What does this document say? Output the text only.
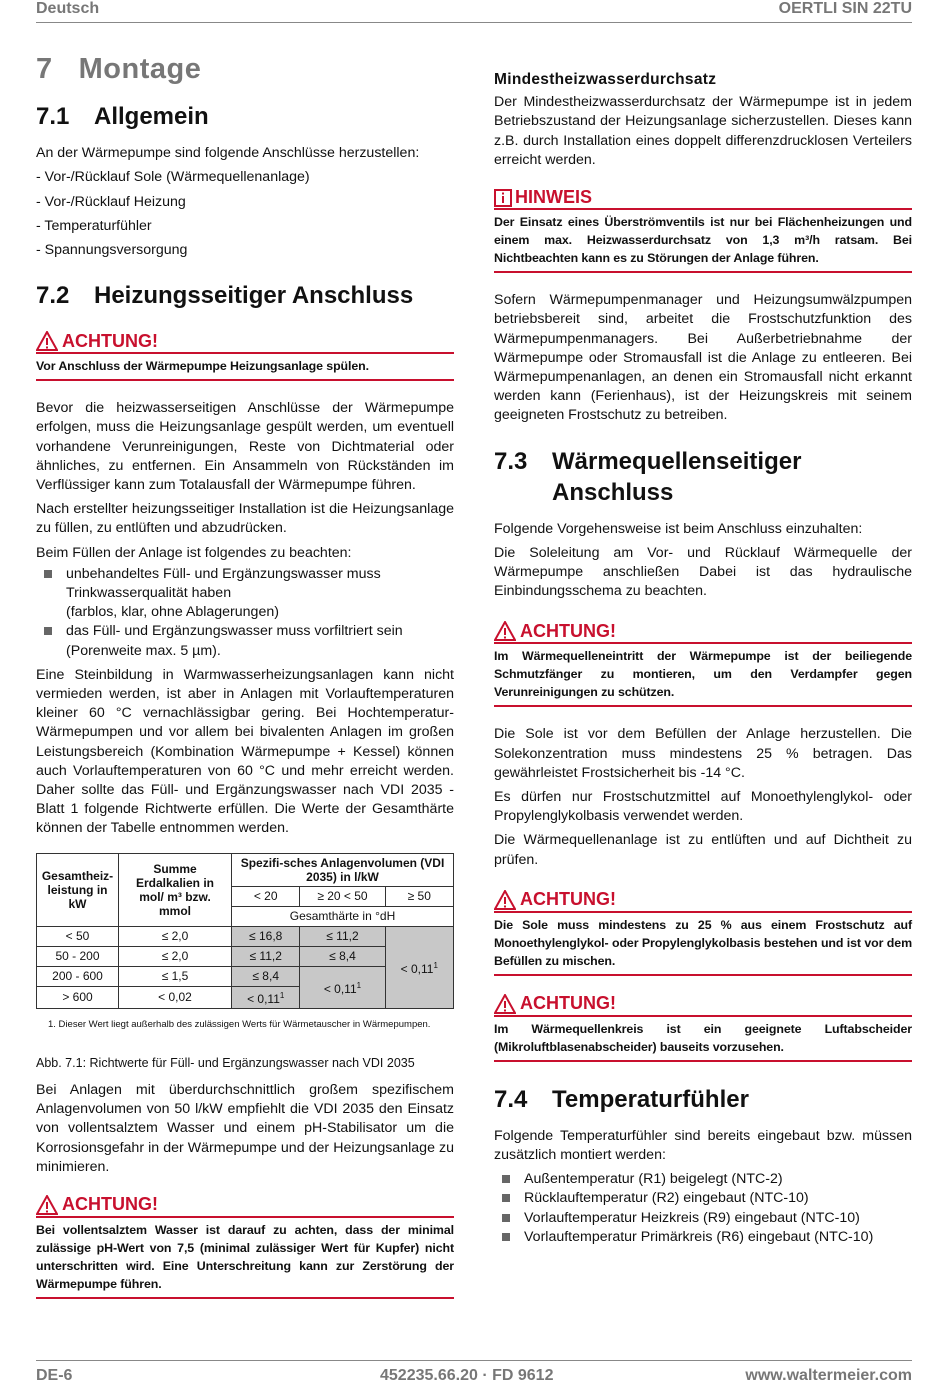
Deutsch	OERTLI SIN 22TU
7 Montage
7.1 Allgemein

An der Wärmepumpe sind folgende Anschlüsse herzustellen:

- Vor-/Rücklauf Sole (Wärmequellenanlage)

- Vor-/Rücklauf Heizung

- Temperaturfühler

- Spannungsversorgung

7.2 Heizungsseitiger Anschluss
ACHTUNG!
Vor Anschluss der Wärmepumpe Heizungsanlage spülen.

Bevor die heizwasserseitigen Anschlüsse der Wärmepumpe erfolgen, muss die Heizungsanlage gespült werden, um eventuell vorhandene Verunreinigungen, Reste von Dichtmaterial oder ähnliches, zu entfernen. Ein Ansammeln von Rückständen im Verflüssiger kann zum Totalausfall der Wärmepumpe führen.

Nach erstellter heizungsseitiger Installation ist die Heizungsanlage zu füllen, zu entlüften und abzudrücken.

Beim Füllen der Anlage ist folgendes zu beachten:

unbehandeltes Füll- und Ergänzungswasser muss Trinkwasserqualität haben
(farblos, klar, ohne Ablagerungen)
das Füll- und Ergänzungswasser muss vorfiltriert sein (Porenweite max. 5 µm).

Eine Steinbildung in Warmwasserheizungsanlagen kann nicht vermieden werden, ist aber in Anlagen mit Vorlauftemperaturen kleiner 60 °C vernachlässigbar gering. Bei Hochtemperatur-Wärmepumpen und vor allem bei bivalenten Anlagen im großen Leistungsbereich (Kombination Wärmepumpe + Kessel) können auch Vorlauftemperaturen von 60 °C und mehr erreicht werden. Daher sollte das Füll- und Ergänzungswasser nach VDI 2035 - Blatt 1 folgende Richtwerte erfüllen. Die Werte der Gesamthärte können der Tabelle entnommen werden.

Gesamtheiz-leistung in kW	Summe Erdalkalien in mol/ m³ bzw. mmol	Spezifi-sches Anlagenvolumen (VDI 2035) in l/kW		
		< 20	≥ 20 < 50	≥ 50
		Gesamthärte in °dH		
< 50	≤ 2,0	≤ 16,8	≤ 11,2	< $0,11^1$
50 - 200	≤ 2,0	≤ 11,2	≤ 8,4	
200 - 600	≤ 1,5	≤ 8,4	< $0,11^1$
> 600	< 0,02	< $0,11^1$

1. Dieser Wert liegt außerhalb des zulässigen Werts für Wärmetauscher in Wärmepumpen.

Abb. 7.1: Richtwerte für Füll- und Ergänzungswasser nach VDI 2035

Bei Anlagen mit überdurchschnittlich großem spezifischem Anlagenvolumen von 50 l/kW empfiehlt die VDI 2035 den Einsatz von vollentsalztem Wasser und einem pH-Stabilisator um die Korrosionsgefahr in der Wärmepumpe und der Heizungsanlage zu minimieren.

ACHTUNG!
Bei vollentsalztem Wasser ist darauf zu achten, dass der minimal zulässige pH-Wert von 7,5 (minimal zulässiger Wert für Kupfer) nicht unterschritten wird. Eine Unterschreitung kann zur Zerstörung der Wärmepumpe führen.
Mindestheizwasserdurchsatz

Der Mindestheizwasserdurchsatz der Wärmepumpe ist in jedem Betriebszustand der Heizungsanlage sicherzustellen. Dieses kann z.B. durch Installation eines doppelt differenzdrucklosen Verteilers erreicht werden.

HINWEIS
Der Einsatz eines Überströmventils ist nur bei Flächenheizungen und einem max. Heizwasserdurchsatz von 1,3 m³/h ratsam. Bei Nichtbeachten kann es zu Störungen der Anlage führen.

Sofern Wärmepumpenmanager und Heizungsumwälzpumpen betriebsbereit sind, arbeitet die Frostschutzfunktion des Wärmepumpenmanagers. Bei Außerbetriebnahme der Wärmepumpe oder Stromausfall ist die Anlage zu entleeren. Bei Wärmepumpenanlagen, an denen ein Stromausfall nicht erkannt werden kann (Ferienhaus), ist der Heizungskreis mit seinem geeigneten Frostschutz zu betreiben.

7.3 Wärmequellenseitiger
Anschluss

Folgende Vorgehensweise ist beim Anschluss einzuhalten:

Die Soleleitung am Vor- und Rücklauf Wärmequelle der Wärmepumpe anschließen Dabei ist das hydraulische Einbindungsschema zu beachten.

ACHTUNG!
Im Wärmequelleneintritt der Wärmepumpe ist der beiliegende Schmutzfänger zu montieren, um den Verdampfer gegen Verunreinigungen zu schützen.

Die Sole ist vor dem Befüllen der Anlage herzustellen. Die Solekonzentration muss mindestens 25 % betragen. Das gewährleistet Frostsicherheit bis -14 °C.

Es dürfen nur Frostschutzmittel auf Monoethylenglykol- oder Propylenglykolbasis verwendet werden.

Die Wärmequellenanlage ist zu entlüften und auf Dichtheit zu prüfen.

ACHTUNG!
Die Sole muss mindestens zu 25 % aus einem Frostschutz auf Monoethylenglykol- oder Propylenglykolbasis bestehen und ist vor dem Befüllen zu mischen.
ACHTUNG!
Im Wärmequellenkreis ist ein geeignete Luftabscheider (Mikroluftblasenabscheider) bauseits vorzusehen.
7.4 Temperaturfühler

Folgende Temperaturfühler sind bereits eingebaut bzw. müssen zusätzlich montiert werden:

Außentemperatur (R1) beigelegt (NTC-2)
Rücklauftemperatur (R2) eingebaut (NTC-10)
Vorlauftemperatur Heizkreis (R9) eingebaut (NTC-10)
Vorlauftemperatur Primärkreis (R6) eingebaut (NTC-10)
DE-6	452235.66.20 · FD 9612	www.waltermeier.com
